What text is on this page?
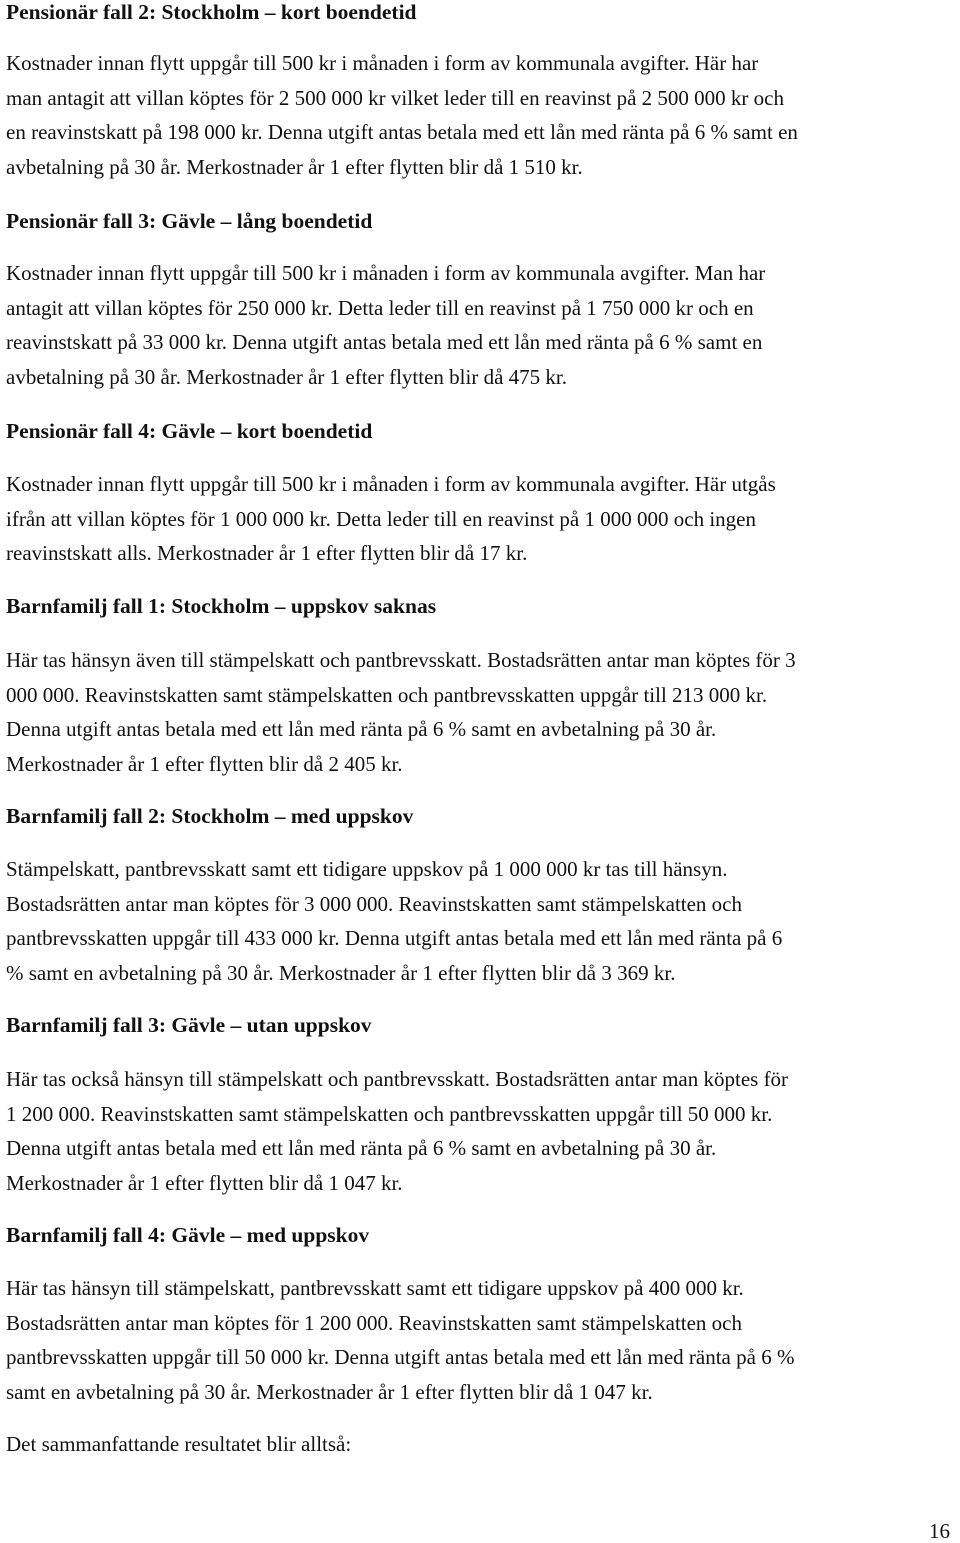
Pensionär fall 2: Stockholm – kort boendetid

Kostnader innan flytt uppgår till 500 kr i månaden i form av kommunala avgifter. Här har
man antagit att villan köptes för 2 500 000 kr vilket leder till en reavinst på 2 500 000 kr och
en reavinstskatt på 198 000 kr. Denna utgift antas betala med ett lån med ränta på 6 % samt en
avbetalning på 30 år. Merkostnader år 1 efter flytten blir då 1 510 kr.

Pensionär fall 3: Gävle – lång boendetid

Kostnader innan flytt uppgår till 500 kr i månaden i form av kommunala avgifter. Man har
antagit att villan köptes för 250 000 kr. Detta leder till en reavinst på 1 750 000 kr och en
reavinstskatt på 33 000 kr. Denna utgift antas betala med ett lån med ränta på 6 % samt en
avbetalning på 30 år. Merkostnader år 1 efter flytten blir då 475 kr.

Pensionär fall 4: Gävle – kort boendetid

Kostnader innan flytt uppgår till 500 kr i månaden i form av kommunala avgifter. Här utgås
ifrån att villan köptes för 1 000 000 kr. Detta leder till en reavinst på 1 000 000 och ingen
reavinstskatt alls. Merkostnader år 1 efter flytten blir då 17 kr.

Barnfamilj fall 1: Stockholm – uppskov saknas

Här tas hänsyn även till stämpelskatt och pantbrevsskatt. Bostadsrätten antar man köptes för 3
000 000. Reavinstskatten samt stämpelskatten och pantbrevsskatten uppgår till 213 000 kr.
Denna utgift antas betala med ett lån med ränta på 6 % samt en avbetalning på 30 år.
Merkostnader år 1 efter flytten blir då 2 405 kr.

Barnfamilj fall 2: Stockholm – med uppskov

Stämpelskatt, pantbrevsskatt samt ett tidigare uppskov på 1 000 000 kr tas till hänsyn.
Bostadsrätten antar man köptes för 3 000 000. Reavinstskatten samt stämpelskatten och
pantbrevsskatten uppgår till 433 000 kr. Denna utgift antas betala med ett lån med ränta på 6
% samt en avbetalning på 30 år. Merkostnader år 1 efter flytten blir då 3 369 kr.

Barnfamilj fall 3: Gävle – utan uppskov

Här tas också hänsyn till stämpelskatt och pantbrevsskatt. Bostadsrätten antar man köptes för
1 200 000. Reavinstskatten samt stämpelskatten och pantbrevsskatten uppgår till 50 000 kr.
Denna utgift antas betala med ett lån med ränta på 6 % samt en avbetalning på 30 år.
Merkostnader år 1 efter flytten blir då 1 047 kr.

Barnfamilj fall 4: Gävle – med uppskov

Här tas hänsyn till stämpelskatt, pantbrevsskatt samt ett tidigare uppskov på 400 000 kr.
Bostadsrätten antar man köptes för 1 200 000. Reavinstskatten samt stämpelskatten och
pantbrevsskatten uppgår till 50 000 kr. Denna utgift antas betala med ett lån med ränta på 6 %
samt en avbetalning på 30 år. Merkostnader år 1 efter flytten blir då 1 047 kr.

Det sammanfattande resultatet blir alltså:

16
